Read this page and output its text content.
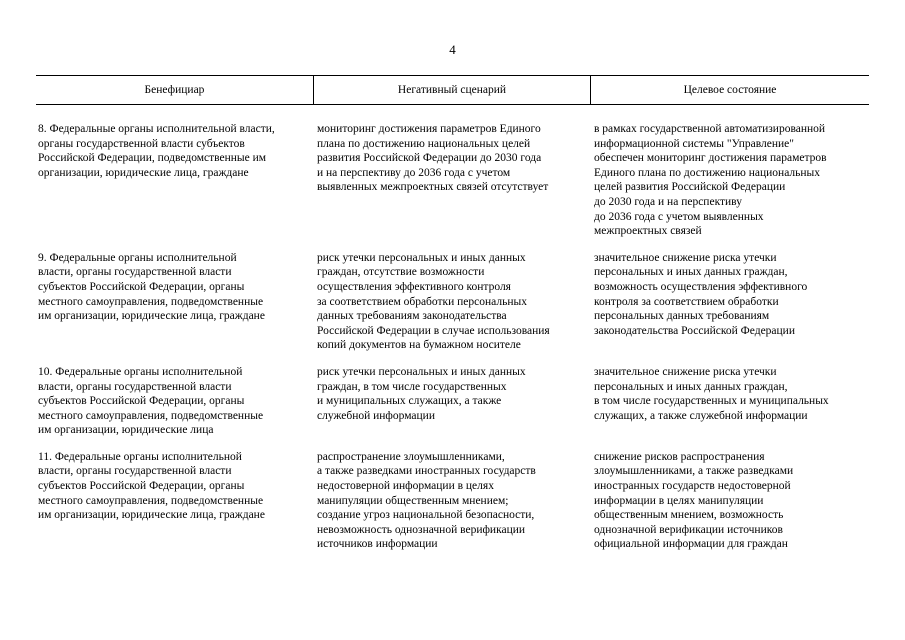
4
Бенефициар	Негативный сценарий	Целевое состояние
8. Федеральные органы исполнительной власти,
органы государственной власти субъектов
Российской Федерации, подведомственные им
организации, юридические лица, граждане
мониторинг достижения параметров Единого
плана по достижению национальных целей
развития Российской Федерации до 2030 года
и на перспективу до 2036 года с учетом
выявленных межпроектных связей отсутствует
в рамках государственной автоматизированной
информационной системы "Управление"
обеспечен мониторинг достижения параметров
Единого плана по достижению национальных
целей развития Российской Федерации
до 2030 года и на перспективу
до 2036 года с учетом выявленных
межпроектных связей
9. Федеральные органы исполнительной
власти, органы государственной власти
субъектов Российской Федерации, органы
местного самоуправления, подведомственные
им организации, юридические лица, граждане
риск утечки персональных и иных данных
граждан, отсутствие возможности
осуществления эффективного контроля
за соответствием обработки персональных
данных требованиям законодательства
Российской Федерации в случае использования
копий документов на бумажном носителе
значительное снижение риска утечки
персональных и иных данных граждан,
возможность осуществления эффективного
контроля за соответствием обработки
персональных данных требованиям
законодательства Российской Федерации
10. Федеральные органы исполнительной
власти, органы государственной власти
субъектов Российской Федерации, органы
местного самоуправления, подведомственные
им организации, юридические лица
риск утечки персональных и иных данных
граждан, в том числе государственных
и муниципальных служащих, а также
служебной информации
значительное снижение риска утечки
персональных и иных данных граждан,
в том числе государственных и муниципальных
служащих, а также служебной информации
11. Федеральные органы исполнительной
власти, органы государственной власти
субъектов Российской Федерации, органы
местного самоуправления, подведомственные
им организации, юридические лица, граждане
распространение злоумышленниками,
а также разведками иностранных государств
недостоверной информации в целях
манипуляции общественным мнением;
создание угроз национальной безопасности,
невозможность однозначной верификации
источников информации
снижение рисков распространения
злоумышленниками, а также разведками
иностранных государств недостоверной
информации в целях манипуляции
общественным мнением, возможность
однозначной верификации источников
официальной информации для граждан
